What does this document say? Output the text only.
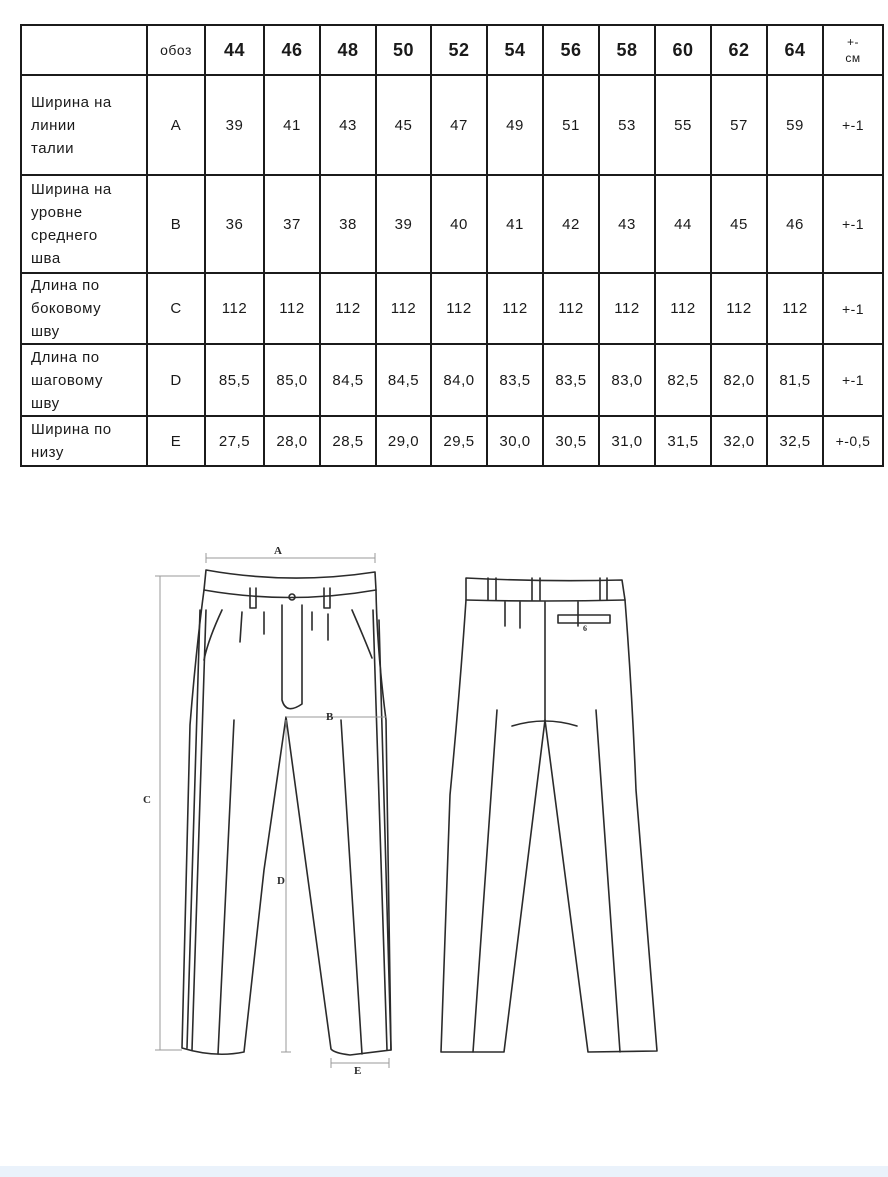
	обоз	44	46	48	50	52	54	56	58	60	62	64	+-
см

Ширина на
линии
талии	A	39	41	43	45	47	49	51	53	55	57	59	+-1

Ширина на
уровне
среднего
шва	B	36	37	38	39	40	41	42	43	44	45	46	+-1

Длина по
боковому
шву	C	112	112	112	112	112	112	112	112	112	112	112	+-1

Длина по
шаговому
шву	D	85,5	85,0	84,5	84,5	84,0	83,5	83,5	83,0	82,5	82,0	81,5	+-1

Ширина по
низу	E	27,5	28,0	28,5	29,0	29,5	30,0	30,5	31,0	31,5	32,0	32,5	+-0,5
A
B
C
D
E
6
